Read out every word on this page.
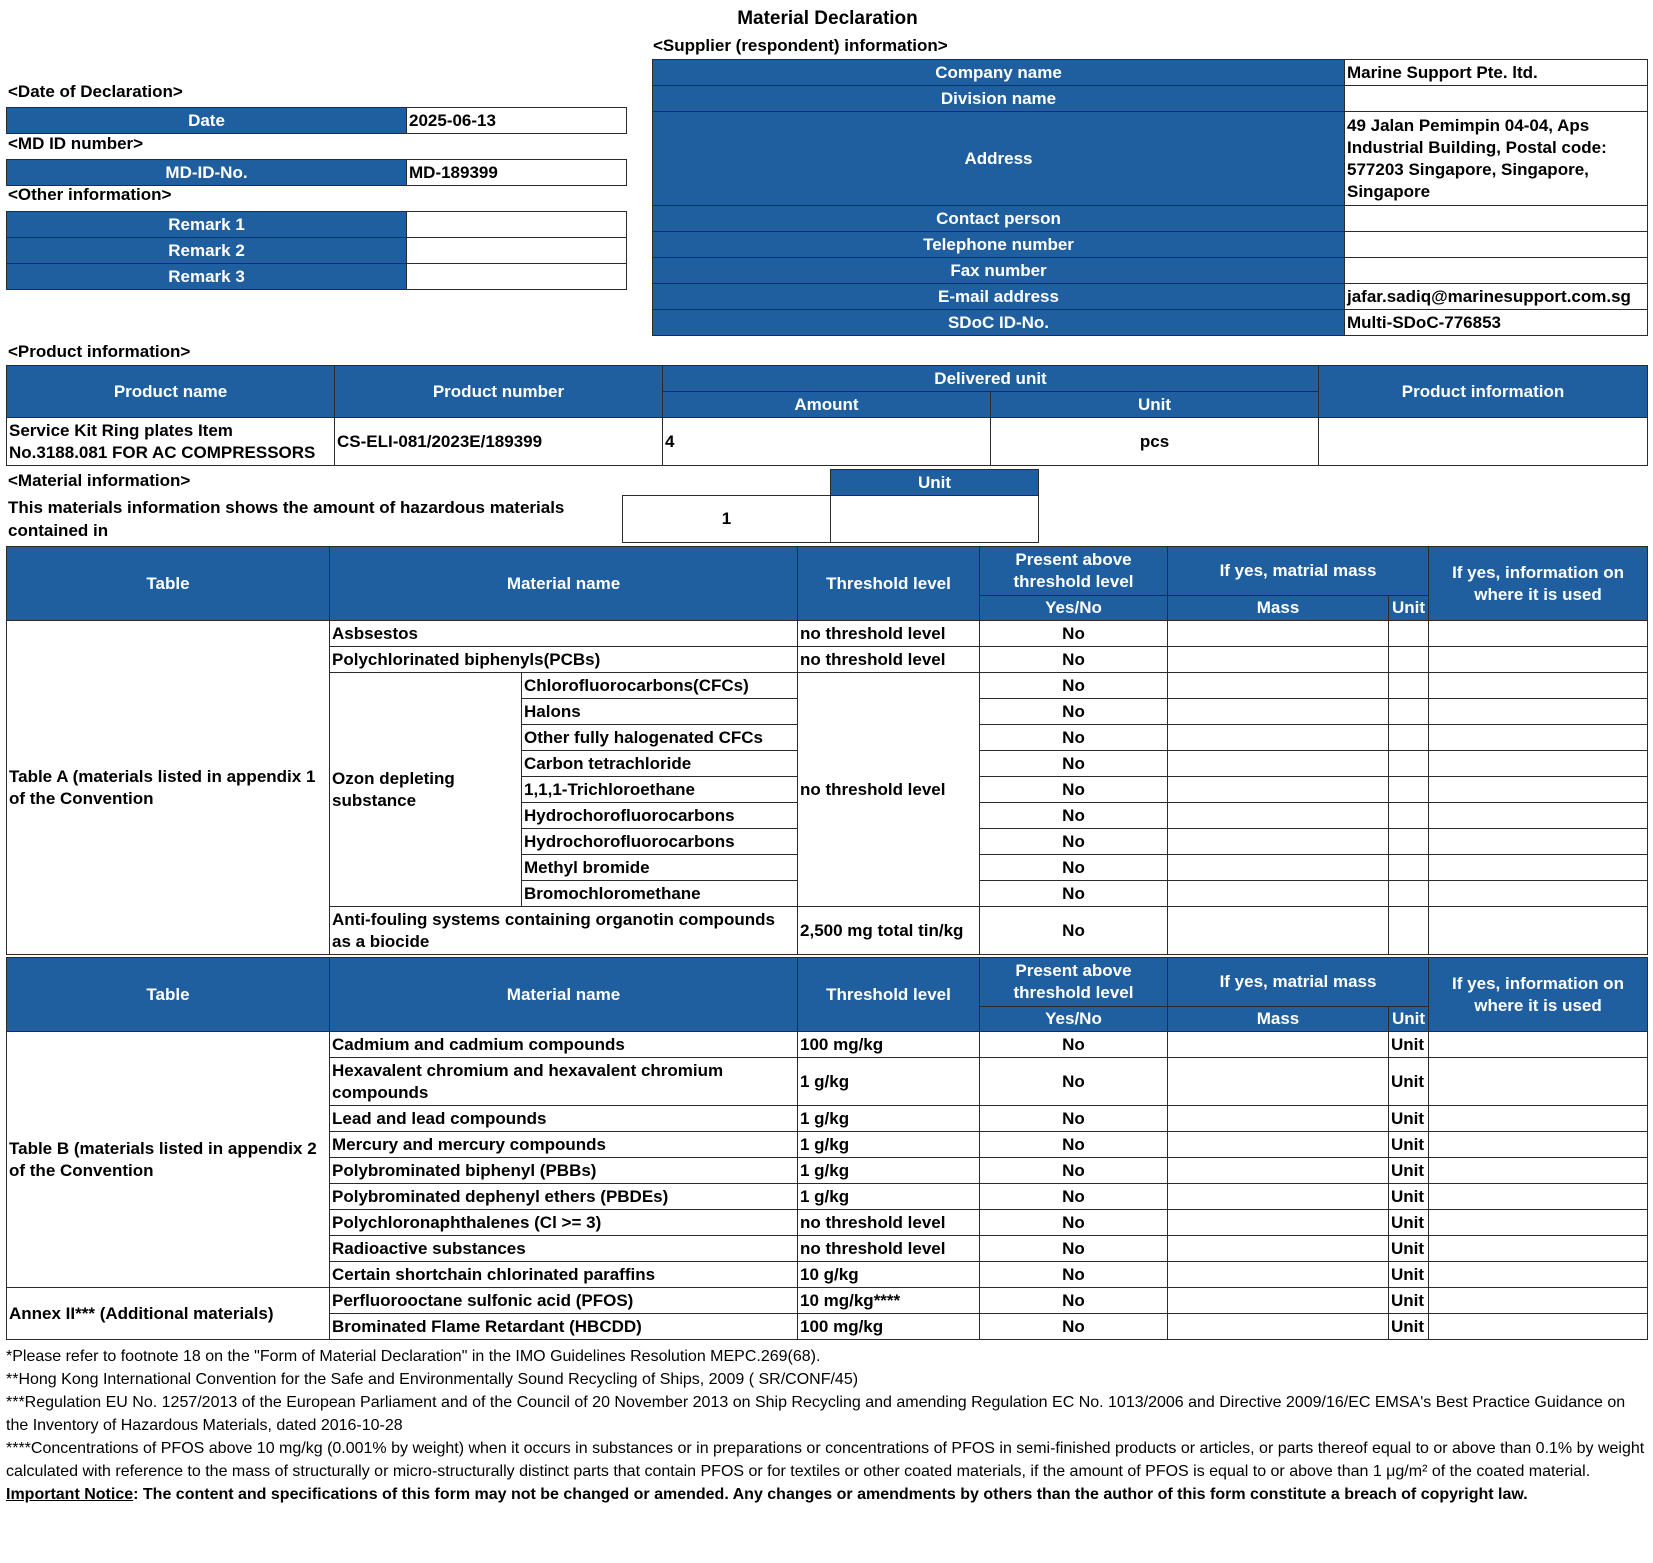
Material Declaration
<Supplier (respondent) information>
Company name	Marine Support Pte. ltd.
Division name	
Address	49 Jalan Pemimpin 04-04, Aps Industrial Building, Postal code: 577203 Singapore, Singapore, Singapore
Contact person	
Telephone number	
Fax number	
E-mail address	jafar.sadiq@marinesupport.com.sg
SDoC ID-No.	Multi-SDoC-776853
<Date of Declaration>
Date	2025-06-13
<MD ID number>
MD-ID-No.	MD-189399
<Other information>
Remark 1	
Remark 2	
Remark 3	
<Product information>
Product name	Product number	Delivered unit		Product information
		Amount	Unit	
Service Kit Ring plates Item No.3188.081 FOR AC COMPRESSORS	CS-ELI-081/2023E/189399	4	pcs	
<Material information>
This materials information shows the amount of hazardous materials contained in
	Unit
1	
Table	Material name		Threshold level	Present above threshold level	If yes, matrial mass		If yes, information on where it is used
				Yes/No	Mass	Unit	
Table A (materials listed in appendix 1 of the Convention	Asbsestos		no threshold level	No			
	Polychlorinated biphenyls(PCBs)		no threshold level	No			
	Ozon depleting substance	Chlorofluorocarbons(CFCs)	no threshold level	No			
		Halons		No			
		Other fully halogenated CFCs		No			
		Carbon tetrachloride		No			
		1,1,1-Trichloroethane		No			
		Hydrochorofluorocarbons		No			
		Hydrochorofluorocarbons		No			
		Methyl bromide		No			
		Bromochloromethane		No			
	Anti-fouling systems containing organotin compounds as a biocide		2,500 mg total tin/kg	No			
Table	Material name	Threshold level	Present above threshold level	If yes, matrial mass		If yes, information on where it is used
			Yes/No	Mass	Unit	
Table B (materials listed in appendix 2 of the Convention	Cadmium and cadmium compounds	100 mg/kg	No		Unit	
	Hexavalent chromium and hexavalent chromium compounds	1 g/kg	No		Unit	
	Lead and lead compounds	1 g/kg	No		Unit	
	Mercury and mercury compounds	1 g/kg	No		Unit	
	Polybrominated biphenyl (PBBs)	1 g/kg	No		Unit	
	Polybrominated dephenyl ethers (PBDEs)	1 g/kg	No		Unit	
	Polychloronaphthalenes (Cl >= 3)	no threshold level	No		Unit	
	Radioactive substances	no threshold level	No		Unit	
	Certain shortchain chlorinated paraffins	10 g/kg	No		Unit	
Annex II*** (Additional materials)	Perfluorooctane sulfonic acid (PFOS)	10 mg/kg****	No		Unit	
	Brominated Flame Retardant (HBCDD)	100 mg/kg	No		Unit	
*Please refer to footnote 18 on the "Form of Material Declaration" in the IMO Guidelines Resolution MEPC.269(68).
**Hong Kong International Convention for the Safe and Environmentally Sound Recycling of Ships, 2009 ( SR/CONF/45)
***Regulation EU No. 1257/2013 of the European Parliament and of the Council of 20 November 2013 on Ship Recycling and amending Regulation EC No. 1013/2006 and Directive 2009/16/EC EMSA's Best Practice Guidance on the Inventory of Hazardous Materials, dated 2016-10-28
****Concentrations of PFOS above 10 mg/kg (0.001% by weight) when it occurs in substances or in preparations or concentrations of PFOS in semi-finished products or articles, or parts thereof equal to or above than 0.1% by weight calculated with reference to the mass of structurally or micro-structurally distinct parts that contain PFOS or for textiles or other coated materials, if the amount of PFOS is equal to or above than 1 μg/m² of the coated material.
Important Notice: The content and specifications of this form may not be changed or amended. Any changes or amendments by others than the author of this form constitute a breach of copyright law.
